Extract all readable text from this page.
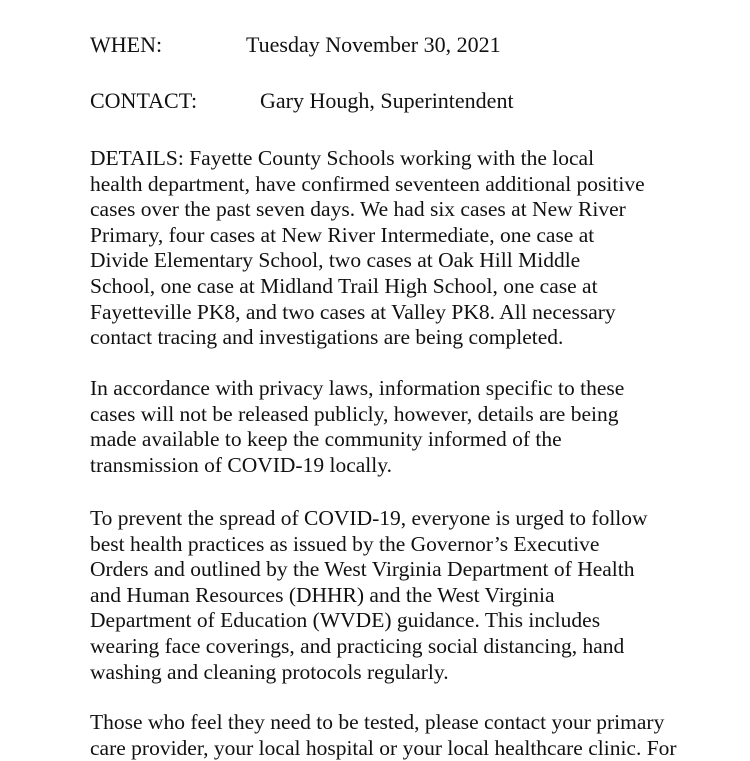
WHEN:	Tuesday November 30, 2021
CONTACT:	Gary Hough, Superintendent

DETAILS: Fayette County Schools working with the local
health department, have confirmed seventeen additional positive
cases over the past seven days. We had six cases at New River
Primary, four cases at New River Intermediate, one case at
Divide Elementary School, two cases at Oak Hill Middle
School, one case at Midland Trail High School, one case at
Fayetteville PK8, and two cases at Valley PK8. All necessary
contact tracing and investigations are being completed.

In accordance with privacy laws, information specific to these
cases will not be released publicly, however, details are being
made available to keep the community informed of the
transmission of COVID-19 locally.

To prevent the spread of COVID-19, everyone is urged to follow
best health practices as issued by the Governor’s Executive
Orders and outlined by the West Virginia Department of Health
and Human Resources (DHHR) and the West Virginia
Department of Education (WVDE) guidance. This includes
wearing face coverings, and practicing social distancing, hand
washing and cleaning protocols regularly.

Those who feel they need to be tested, please contact your primary
care provider, your local hospital or your local healthcare clinic. For
